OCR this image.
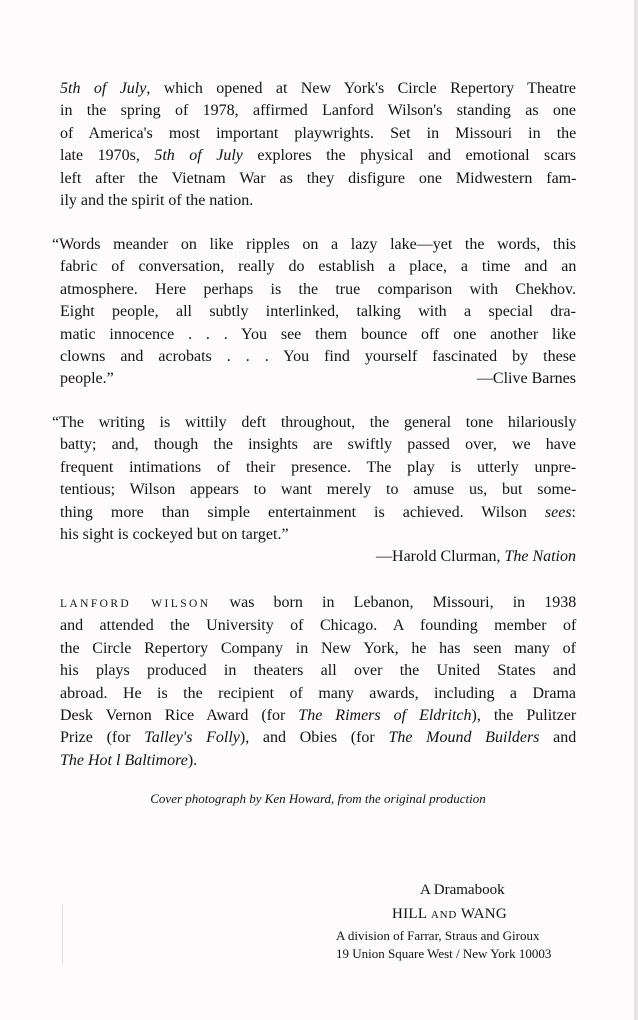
5th of July, which opened at New York's Circle Repertory Theatre
in the spring of 1978, affirmed Lanford Wilson's standing as one
of America's most important playwrights. Set in Missouri in the
late 1970s, 5th of July explores the physical and emotional scars
left after the Vietnam War as they disfigure one Midwestern fam-
ily and the spirit of the nation.
“Words meander on like ripples on a lazy lake—yet the words, this
fabric of conversation, really do establish a place, a time and an
atmosphere. Here perhaps is the true comparison with Chekhov.
Eight people, all subtly interlinked, talking with a special dra-
matic innocence . . . You see them bounce off one another like
clowns and acrobats . . . You find yourself fascinated by these
people.”	—Clive Barnes
“The writing is wittily deft throughout, the general tone hilariously
batty; and, though the insights are swiftly passed over, we have
frequent intimations of their presence. The play is utterly unpre-
tentious; Wilson appears to want merely to amuse us, but some-
thing more than simple entertainment is achieved. Wilson sees:
his sight is cockeyed but on target.”
—Harold Clurman, The Nation
LANFORD WILSON was born in Lebanon, Missouri, in 1938
and attended the University of Chicago. A founding member of
the Circle Repertory Company in New York, he has seen many of
his plays produced in theaters all over the United States and
abroad. He is the recipient of many awards, including a Drama
Desk Vernon Rice Award (for The Rimers of Eldritch), the Pulitzer
Prize (for Talley's Folly), and Obies (for The Mound Builders and
The Hot l Baltimore).
Cover photograph by Ken Howard, from the original production
A Dramabook
HILL AND WANG
A division of Farrar, Straus and Giroux
19 Union Square West / New York 10003
